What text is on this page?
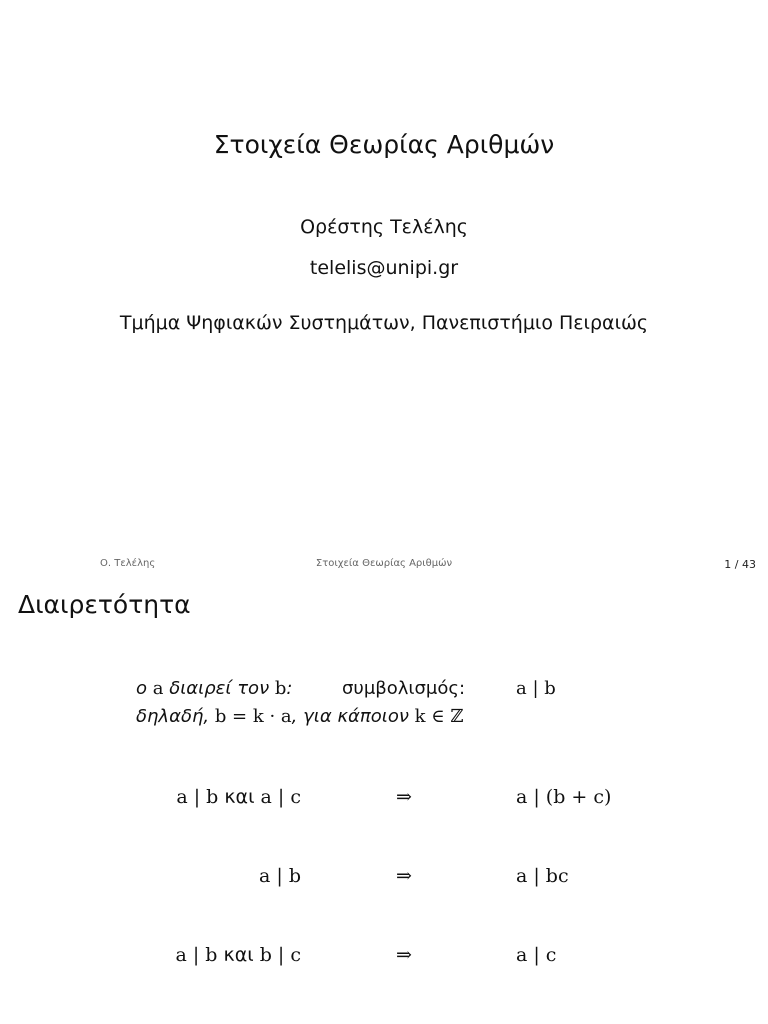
Στοιχεία Θεωρίας Αριθμών
Ορέστης Τελέλης
telelis@unipi.gr
Τμήμα Ψηφιακών Συστημάτων, Πανεπιστήμιο Πειραιώς
Ο. Τελέλης	Στοιχεία Θεωρίας Αριθμών	1 / 43
Διαιρετότητα
ο a διαιρεί τον b:	συμβολισμός:	a | b
δηλαδή, b = k · a, για κάποιον k ∈ ℤ
a | b και a | c	⇒	a | (b + c)
a | b	⇒	a | bc
a | b και b | c	⇒	a | c
